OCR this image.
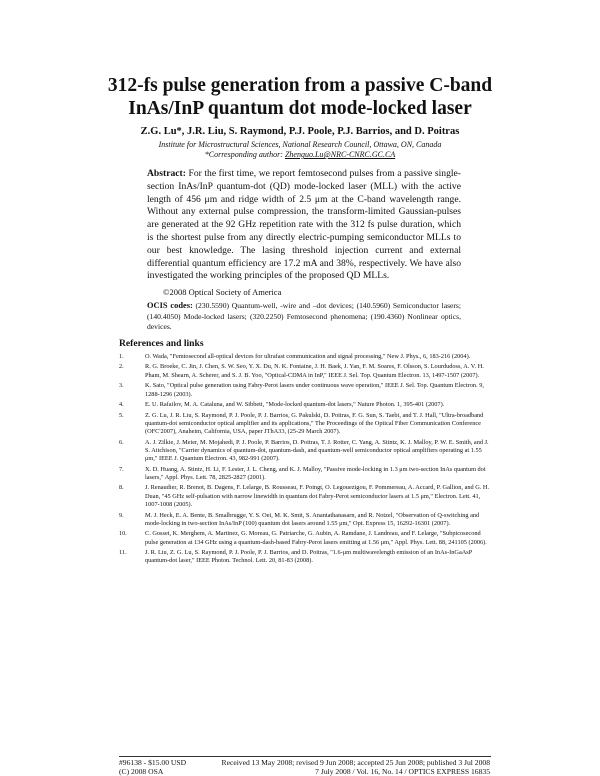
312-fs pulse generation from a passive C-band
InAs/InP quantum dot mode-locked laser
Z.G. Lu*, J.R. Liu, S. Raymond, P.J. Poole, P.J. Barrios, and D. Poitras
Institute for Microstructural Sciences, National Research Council, Ottawa, ON, Canada
*Corresponding author: Zhenguo.Lu@NRC-CNRC.GC.CA
Abstract: For the first time, we report femtosecond pulses from a passive single-section InAs/InP quantum-dot (QD) mode-locked laser (MLL) with the active length of 456 μm and ridge width of 2.5 μm at the C-band wavelength range. Without any external pulse compression, the transform-limited Gaussian-pulses are generated at the 92 GHz repetition rate with the 312 fs pulse duration, which is the shortest pulse from any directly electric-pumping semiconductor MLLs to our best knowledge. The lasing threshold injection current and external differential quantum efficiency are 17.2 mA and 38%, respectively. We have also investigated the working principles of the proposed QD MLLs.
©2008 Optical Society of America
OCIS codes: (230.5590) Quantum-well, -wire and –dot devices; (140.5960) Semiconductor lasers; (140.4050) Mode-locked lasers; (320.2250) Femtosecond phenomena; (190.4360) Nonlinear optics, devices.
References and links
1.	O. Wada, "Femtosecond all-optical devices for ultrafast communication and signal processing," New J. Phys., 6, 183-216 (2004).
2.	R. G. Broeke, C. Jin, J. Chen, S. W. Seo, Y. X. Du, N. K. Fontaine, J. H. Baek, J. Yan, F. M. Soares, F. Olsson, S. Lourdudoss, A. V. H. Pham, M. Shearn, A. Scherer, and S. J. B. Yoo, "Optical-CDMA in InP," IEEE J. Sel. Top. Quantum Electron. 13, 1497-1507 (2007).
3.	K. Sato, "Optical pulse generation using Fabry-Perot lasers under continuous wave operation," IEEE J. Sel. Top. Quantum Electron. 9, 1288-1296 (2003).
4.	E. U. Rafailov, M. A. Cataluna, and W. Sibbett, "Mode-locked quantum-dot lasers," Nature Photon. 1, 395-401 (2007).
5.	Z. G. Lu, J. R. Liu, S. Raymond, P. J. Poole, P. J. Barrios, G. Pakulski, D. Poitras, F. G. Sun, S. Taebi, and T. J. Hall, "Ultra-broadband quantum-dot semiconductor optical amplifier and its applications," The Proceedings of the Optical Fiber Communication Conference (OFC'2007), Anaheim, California, USA, paper JThA33, (25-29 March 2007).
6.	A. J. Zilkie, J. Meier, M. Mojahedi, P. J. Poole, P. Barrios, D. Poitras, T. J. Rotter, C. Yang, A. Stintz, K. J. Malloy, P. W. E. Smith, and J. S. Aitchison, "Carrier dynamics of quantum-dot, quantum-dash, and quantum-well semiconductor optical amplifiers operating at 1.55 μm," IEEE J. Quantum Electron. 43, 982-991 (2007).
7.	X. D. Huang, A. Stintz, H. Li, F. Lester, J. L. Cheng, and K. J. Malloy, "Passive mode-locking in 1.3 μm two-section InAs quantum dot lasers," Appl. Phys. Lett. 78, 2825-2827 (2001).
8.	J. Renaudier, R. Brenot, B. Dagens, F. Lelarge, B. Rousseau, F. Poingt, O. Legouezigou, F. Pommereau, A. Accard, P. Gallion, and G. H. Duan, "45 GHz self-pulsation with narrow linewidth in quantum dot Fabry-Perot semiconductor lasers at 1.5 μm," Electron. Lett. 41, 1007-1008 (2005).
9.	M. J. Heck, E. A. Bente, B. Smalbrugge, Y. S. Oei, M. K. Smit, S. Anantathanasarn, and R. Notzel, "Observation of Q-switching and mode-locking in two-section InAs/InP (100) quantum dot lasers around 1.55 μm," Opt. Express 15, 16292-16301 (2007).
10.	C. Gosset, K. Merghem, A. Martinez, G. Moreau, G. Patriarche, G. Aubin, A. Ramdane, J. Landreau, and F. Lelarge, "Subpicosecond pulse generation at 134 GHz using a quantum-dash-based Fabry-Perot lasers emitting at 1.56 μm," Appl. Phys. Lett. 88, 241105 (2006).
11.	J. R. Liu, Z. G. Lu, S. Raymond, P. J. Poole, P. J. Barrios, and D. Poitras, "1.6-μm multiwavelength emission of an InAs-InGaAsP quantum-dot laser," IEEE Photon. Technol. Lett. 20, 81-83 (2008).
#96138 - $15.00 USD
(C) 2008 OSA
Received 13 May 2008; revised 9 Jun 2008; accepted 25 Jun 2008; published 3 Jul 2008
7 July 2008 / Vol. 16, No. 14 / OPTICS EXPRESS 16835
